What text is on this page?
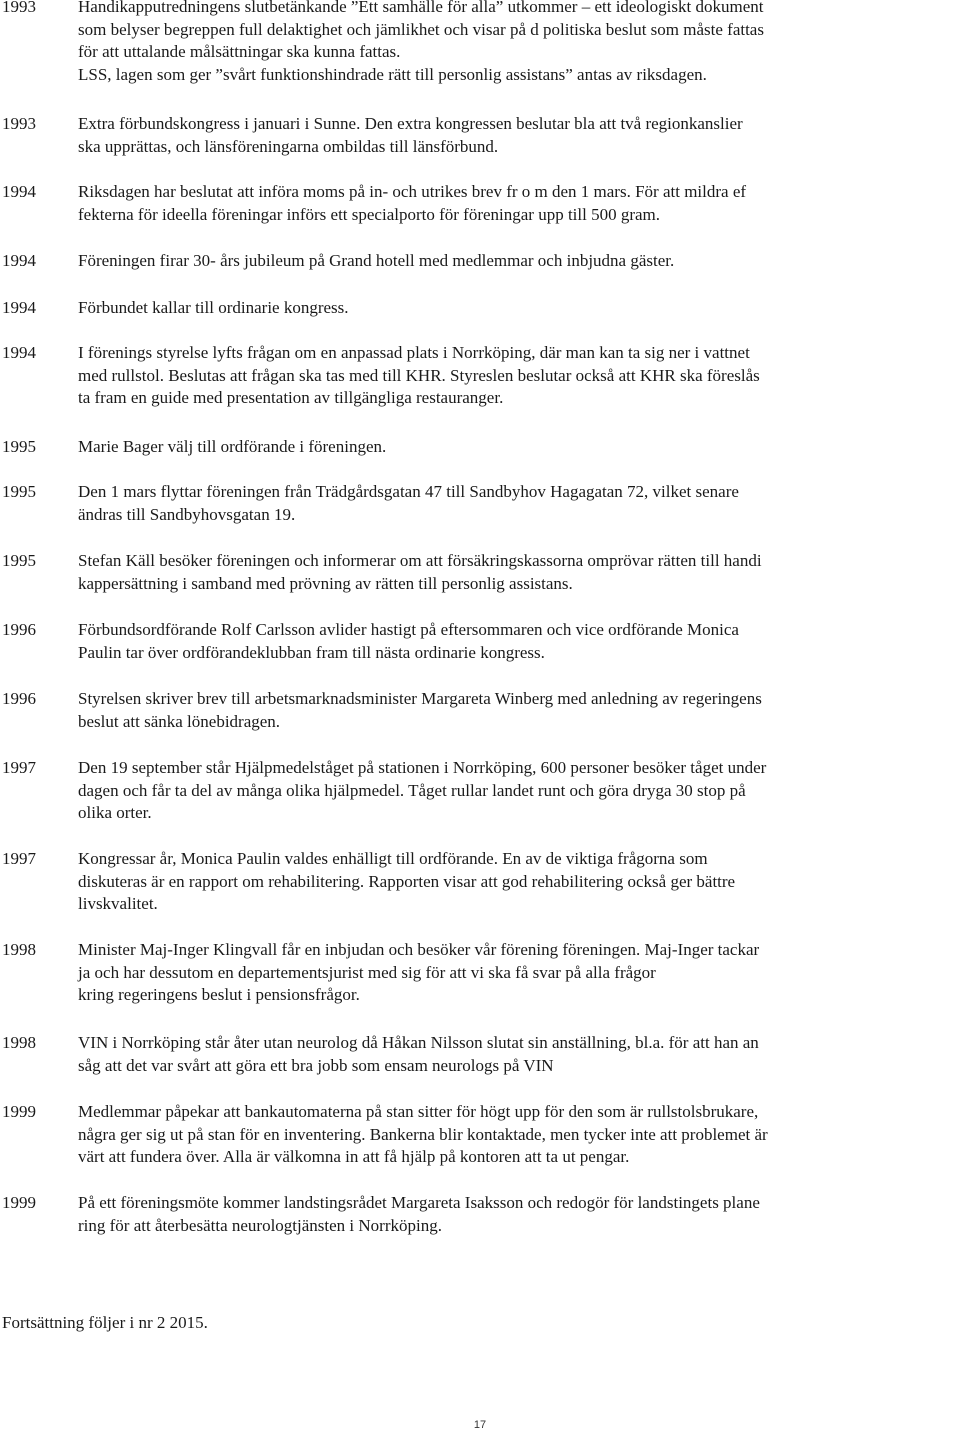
1993	Handikapputredningens slutbetänkande ”Ett samhälle för alla” utkommer – ett ideologiskt dokument
som belyser begreppen full delaktighet och jämlikhet och visar på d politiska beslut som måste fattas
för att uttalande målsättningar ska kunna fattas.
LSS, lagen som ger ”svårt funktionshindrade rätt till personlig assistans” antas av riksdagen.
1993	Extra förbundskongress i januari i Sunne. Den extra kongressen beslutar bla att två regionkanslier
ska upprättas, och länsföreningarna ombildas till länsförbund.
1994	Riksdagen har beslutat att införa moms på in- och utrikes brev fr o m den 1 mars. För att mildra ef
fekterna för ideella föreningar införs ett specialporto för föreningar upp till 500 gram.
1994	Föreningen firar 30- års jubileum på Grand hotell med medlemmar och inbjudna gäster.
1994	Förbundet kallar till ordinarie kongress.
1994	I förenings styrelse lyfts frågan om en anpassad plats i Norrköping, där man kan ta sig ner i vattnet
med rullstol. Beslutas att frågan ska tas med till KHR. Styreslen beslutar också att KHR ska föreslås
ta fram en guide med presentation av tillgängliga restauranger.
1995	Marie Bager välj till ordförande i föreningen.
1995	Den 1 mars flyttar föreningen från Trädgårdsgatan 47 till Sandbyhov Hagagatan 72, vilket senare
ändras till Sandbyhovsgatan 19.
1995	Stefan Käll besöker föreningen och informerar om att försäkringskassorna omprövar rätten till handi
kappersättning i samband med prövning av rätten till personlig assistans.
1996	Förbundsordförande Rolf Carlsson avlider hastigt på eftersommaren och vice ordförande Monica
Paulin tar över ordförandeklubban fram till nästa ordinarie kongress.
1996	Styrelsen skriver brev till arbetsmarknadsminister Margareta Winberg med anledning av regeringens
beslut att sänka lönebidragen.
1997	Den 19 september står Hjälpmedelståget på stationen i Norrköping, 600 personer besöker tåget under
dagen och får ta del av många olika hjälpmedel. Tåget rullar landet runt och göra dryga 30 stop på
olika orter.
1997	Kongressar år, Monica Paulin valdes enhälligt till ordförande. En av de viktiga frågorna som
diskuteras är en rapport om rehabilitering. Rapporten visar att god rehabilitering också ger bättre
livskvalitet.
1998	Minister Maj-Inger Klingvall får en inbjudan och besöker vår förening föreningen. Maj-Inger tackar
ja och har dessutom en departementsjurist med sig för att vi ska få svar på alla frågor
kring regeringens beslut i pensionsfrågor.
1998	VIN i Norrköping står åter utan neurolog då Håkan Nilsson slutat sin anställning, bl.a. för att han an
såg att det var svårt att göra ett bra jobb som ensam neurologs på VIN
1999	Medlemmar påpekar att bankautomaterna på stan sitter för högt upp för den som är rullstolsbrukare,
några ger sig ut på stan för en inventering. Bankerna blir kontaktade, men tycker inte att problemet är
värt att fundera över. Alla är välkomna in att få hjälp på kontoren att ta ut pengar.
1999	På ett föreningsmöte kommer landstingsrådet Margareta Isaksson och redogör för landstingets plane
ring för att återbesätta neurologtjänsten i Norrköping.
Fortsättning följer i nr 2 2015.
17
